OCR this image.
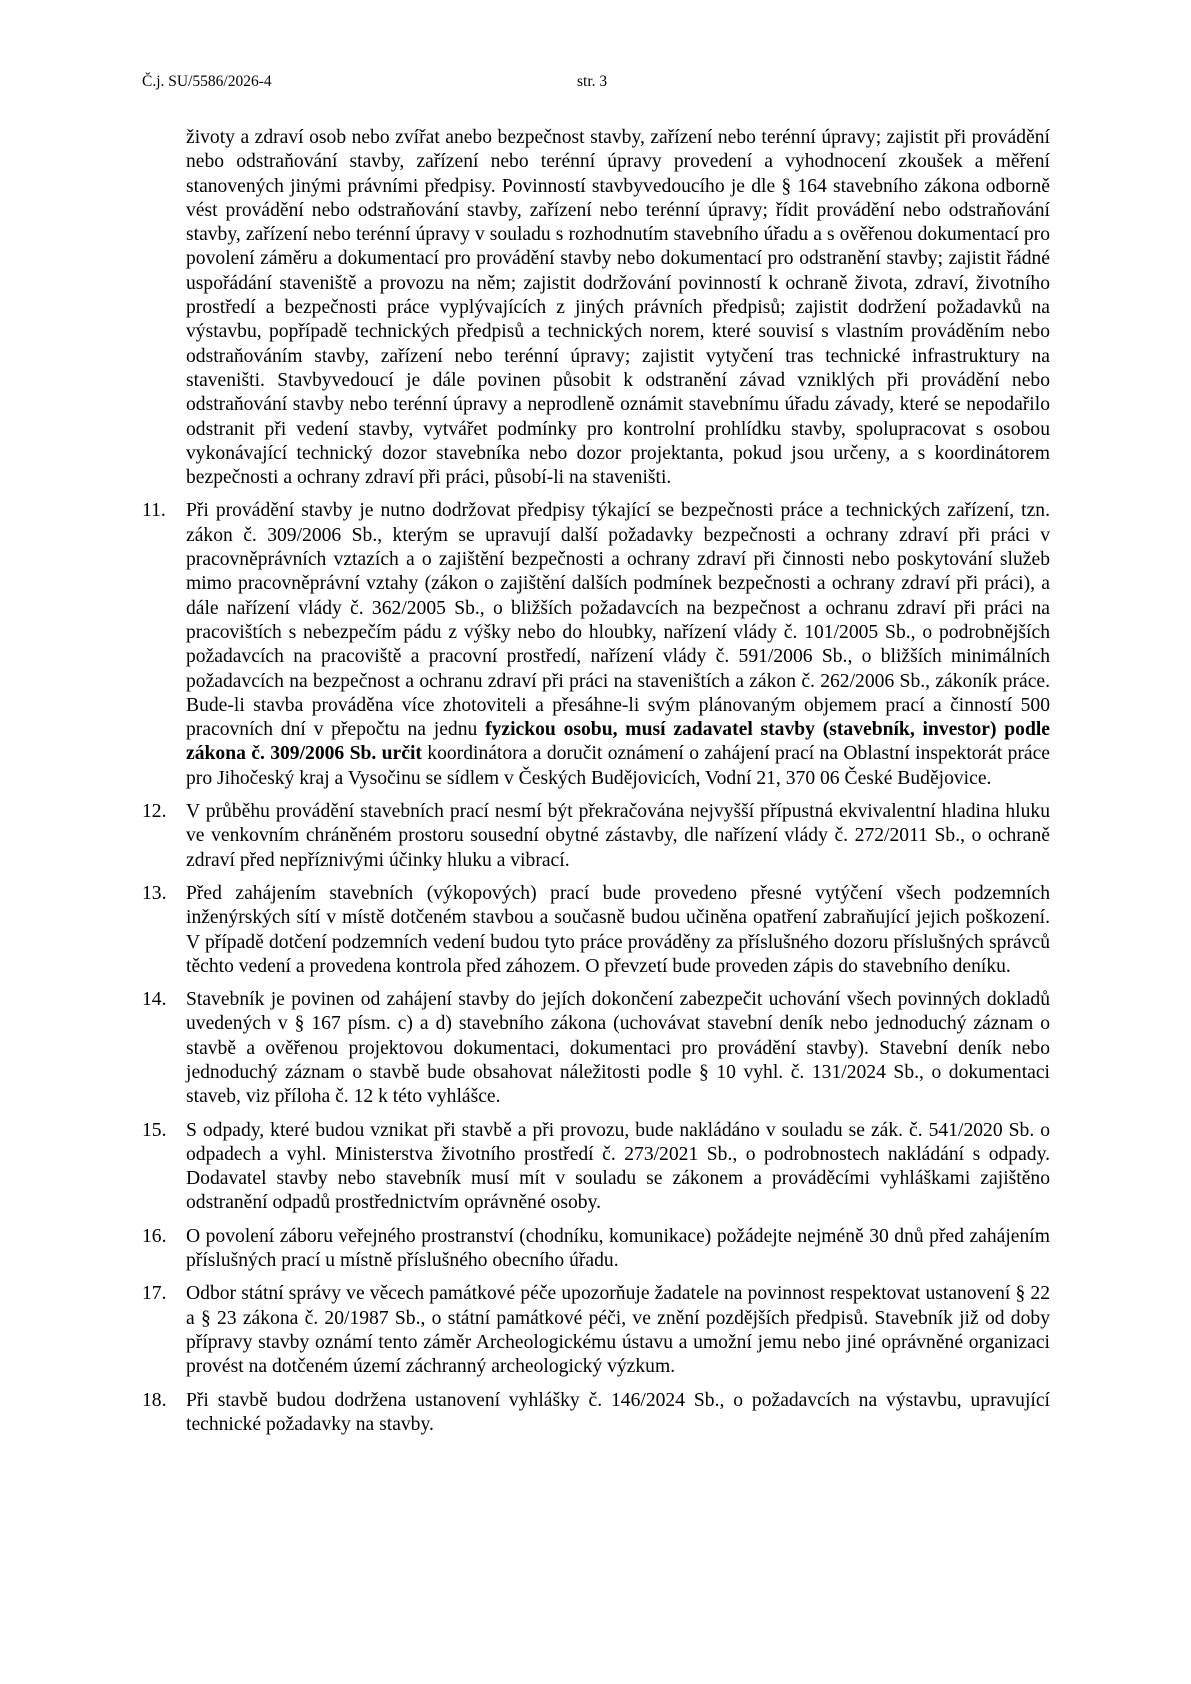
Č.j. SU/5586/2026-4	str. 3

životy a zdraví osob nebo zvířat anebo bezpečnost stavby, zařízení nebo terénní úpravy; zajistit při provádění nebo odstraňování stavby, zařízení nebo terénní úpravy provedení a vyhodnocení zkoušek a měření stanovených jinými právními předpisy. Povinností stavbyvedoucího je dle § 164 stavebního zákona odborně vést provádění nebo odstraňování stavby, zařízení nebo terénní úpravy; řídit provádění nebo odstraňování stavby, zařízení nebo terénní úpravy v souladu s rozhodnutím stavebního úřadu a s ověřenou dokumentací pro povolení záměru a dokumentací pro provádění stavby nebo dokumentací pro odstranění stavby; zajistit řádné uspořádání staveniště a provozu na něm; zajistit dodržování povinností k ochraně života, zdraví, životního prostředí a bezpečnosti práce vyplývajících z jiných právních předpisů; zajistit dodržení požadavků na výstavbu, popřípadě technických předpisů a technických norem, které souvisí s vlastním prováděním nebo odstraňováním stavby, zařízení nebo terénní úpravy; zajistit vytyčení tras technické infrastruktury na staveništi. Stavbyvedoucí je dále povinen působit k odstranění závad vzniklých při provádění nebo odstraňování stavby nebo terénní úpravy a neprodleně oznámit stavebnímu úřadu závady, které se nepodařilo odstranit při vedení stavby, vytvářet podmínky pro kontrolní prohlídku stavby, spolupracovat s osobou vykonávající technický dozor stavebníka nebo dozor projektanta, pokud jsou určeny, a s koordinátorem bezpečnosti a ochrany zdraví při práci, působí-li na staveništi.

11. Při provádění stavby je nutno dodržovat předpisy týkající se bezpečnosti práce a technických zařízení, tzn. zákon č. 309/2006 Sb., kterým se upravují další požadavky bezpečnosti a ochrany zdraví při práci v pracovněprávních vztazích a o zajištění bezpečnosti a ochrany zdraví při činnosti nebo poskytování služeb mimo pracovněprávní vztahy (zákon o zajištění dalších podmínek bezpečnosti a ochrany zdraví při práci), a dále nařízení vlády č. 362/2005 Sb., o bližších požadavcích na bezpečnost a ochranu zdraví při práci na pracovištích s nebezpečím pádu z výšky nebo do hloubky, nařízení vlády č. 101/2005 Sb., o podrobnějších požadavcích na pracoviště a pracovní prostředí, nařízení vlády č. 591/2006 Sb., o bližších minimálních požadavcích na bezpečnost a ochranu zdraví při práci na staveništích a zákon č. 262/2006 Sb., zákoník práce. Bude-li stavba prováděna více zhotoviteli a přesáhne-li svým plánovaným objemem prací a činností 500 pracovních dní v přepočtu na jednu fyzickou osobu, musí zadavatel stavby (stavebník, investor) podle zákona č. 309/2006 Sb. určit koordinátora a doručit oznámení o zahájení prací na Oblastní inspektorát práce pro Jihočeský kraj a Vysočinu se sídlem v Českých Budějovicích, Vodní 21, 370 06 České Budějovice.
12. V průběhu provádění stavebních prací nesmí být překračována nejvyšší přípustná ekvivalentní hladina hluku ve venkovním chráněném prostoru sousední obytné zástavby, dle nařízení vlády č. 272/2011 Sb., o ochraně zdraví před nepříznivými účinky hluku a vibrací.
13. Před zahájením stavebních (výkopových) prací bude provedeno přesné vytýčení všech podzemních inženýrských sítí v místě dotčeném stavbou a současně budou učiněna opatření zabraňující jejich poškození. V případě dotčení podzemních vedení budou tyto práce prováděny za příslušného dozoru příslušných správců těchto vedení a provedena kontrola před záhozem. O převzetí bude proveden zápis do stavebního deníku.
14. Stavebník je povinen od zahájení stavby do jejích dokončení zabezpečit uchování všech povinných dokladů uvedených v § 167 písm. c) a d) stavebního zákona (uchovávat stavební deník nebo jednoduchý záznam o stavbě a ověřenou projektovou dokumentaci, dokumentaci pro provádění stavby). Stavební deník nebo jednoduchý záznam o stavbě bude obsahovat náležitosti podle § 10 vyhl. č. 131/2024 Sb., o dokumentaci staveb, viz příloha č. 12 k této vyhlášce.
15. S odpady, které budou vznikat při stavbě a při provozu, bude nakládáno v souladu se zák. č. 541/2020 Sb. o odpadech a vyhl. Ministerstva životního prostředí č. 273/2021 Sb., o podrobnostech nakládání s odpady. Dodavatel stavby nebo stavebník musí mít v souladu se zákonem a prováděcími vyhláškami zajištěno odstranění odpadů prostřednictvím oprávněné osoby.
16. O povolení záboru veřejného prostranství (chodníku, komunikace) požádejte nejméně 30 dnů před zahájením příslušných prací u místně příslušného obecního úřadu.
17. Odbor státní správy ve věcech památkové péče upozorňuje žadatele na povinnost respektovat ustanovení § 22 a § 23 zákona č. 20/1987 Sb., o státní památkové péči, ve znění pozdějších předpisů. Stavebník již od doby přípravy stavby oznámí tento záměr Archeologickému ústavu a umožní jemu nebo jiné oprávněné organizaci provést na dotčeném území záchranný archeologický výzkum.
18. Při stavbě budou dodržena ustanovení vyhlášky č. 146/2024 Sb., o požadavcích na výstavbu, upravující technické požadavky na stavby.
